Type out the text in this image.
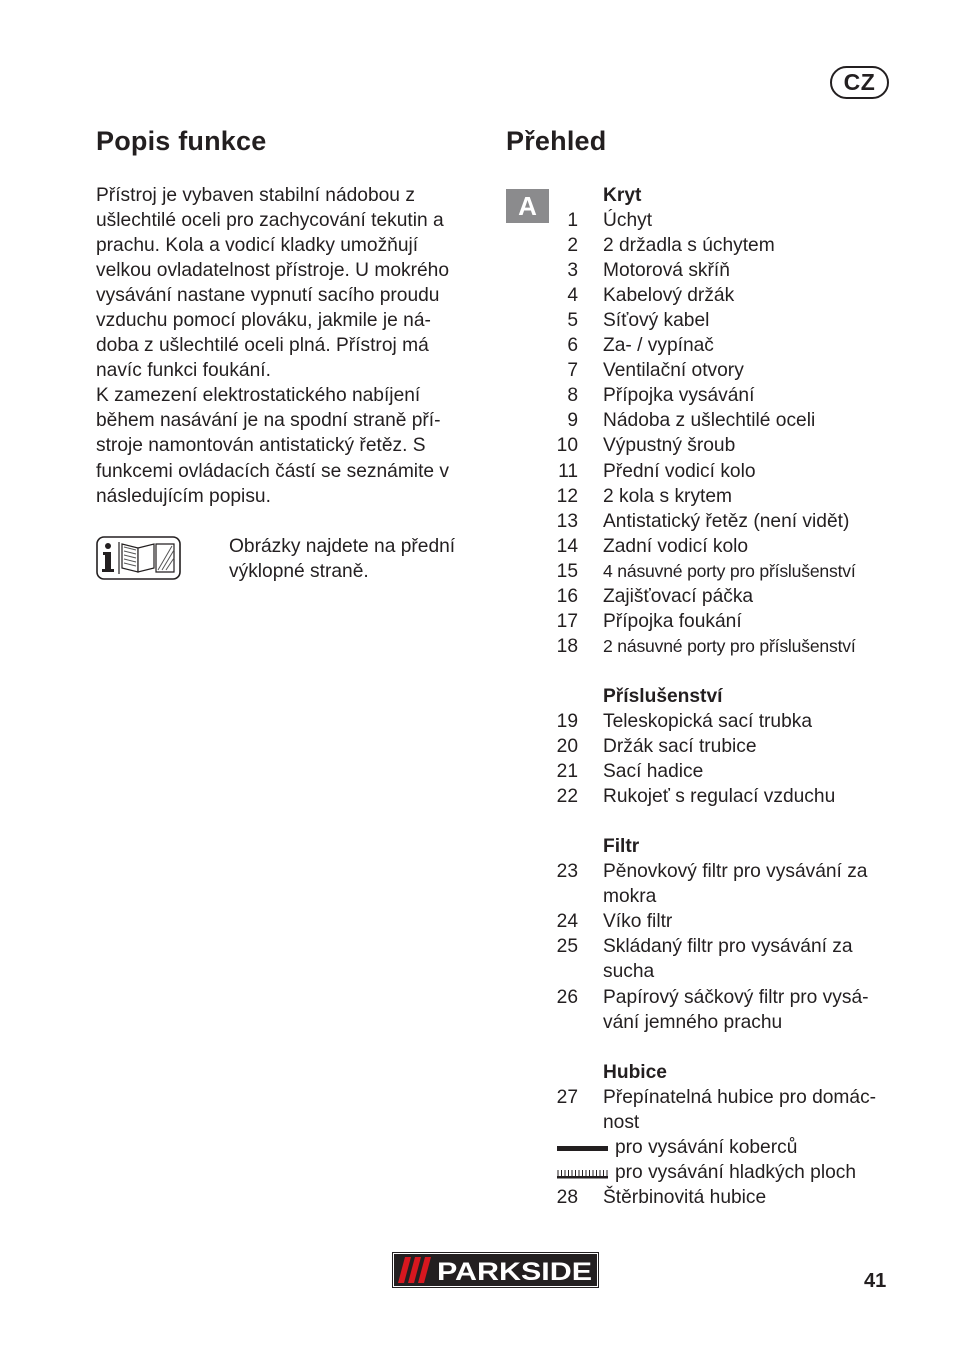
CZ
Popis funkce	Přehled

Přístroj je vybaven stabilní nádobou z

ušlechtilé oceli pro zachycování tekutin a

prachu. Kola a vodicí kladky umožňují

velkou ovladatelnost přístroje. U mokrého

vysávání nastane vypnutí sacího proudu

vzduchu pomocí plováku, jakmile je ná-

doba z ušlechtilé oceli plná. Přístroj má

navíc funkci foukání.

K zamezení elektrostatického nabíjení

během nasávání je na spodní straně pří-

stroje namontován antistatický řetěz. S

funkcemi ovládacích částí se seznámite v

následujícím popisu.

Obrázky najdete na přední

výklopné straně.

A	Kryt
1 Úchyt
2 2 držadla s úchytem
3 Motorová skříň
4 Kabelový držák
5 Síťový kabel
6 Za- / vypínač
7 Ventilační otvory
8 Přípojka vysávání
9 Nádoba z ušlechtilé oceli
10 Výpustný šroub
11 Přední vodicí kolo
12 2 kola s krytem
13 Antistatický řetěz (není vidět)
14 Zadní vodicí kolo
15 4 násuvné porty pro příslušenství
16 Zajišťovací páčka
17 Přípojka foukání
18 2 násuvné porty pro příslušenství
Příslušenství
19 Teleskopická sací trubka
20 Držák sací trubice
21 Sací hadice
22 Rukojeť s regulací vzduchu
Filtr
23 Pěnovkový filtr pro vysávání za
mokra
24 Víko filtr
25 Skládaný filtr pro vysávání za
sucha
26 Papírový sáčkový filtr pro vysá-
vání jemného prachu
Hubice
27 Přepínatelná hubice pro domác-
nost
pro vysávání koberců
pro vysávání hladkých ploch
28 Štěrbinovitá hubice
PARKSIDE	41
